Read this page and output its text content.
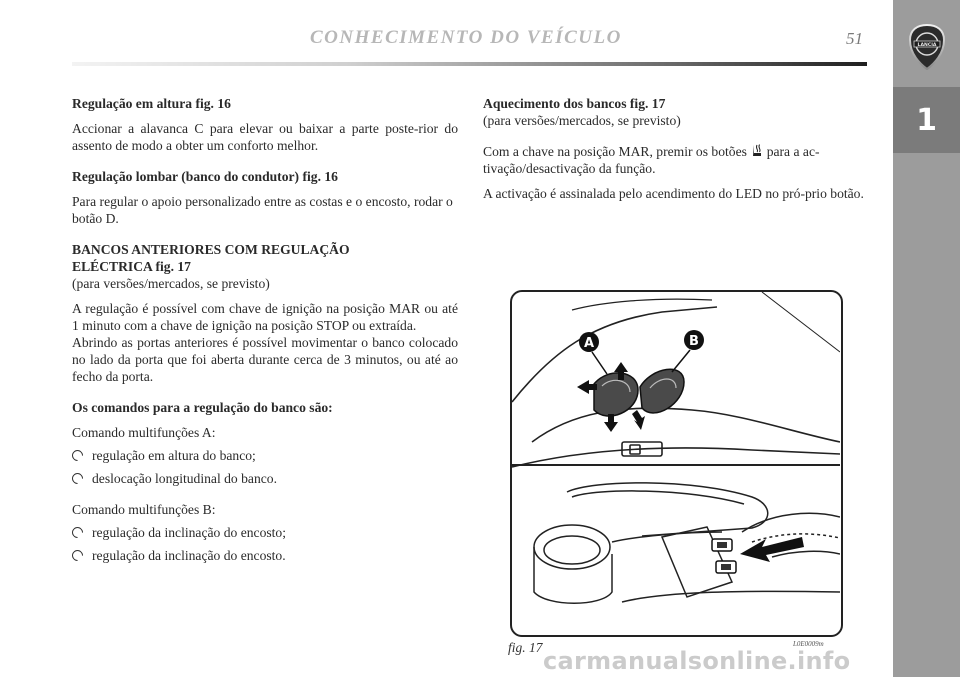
CONHECIMENTO DO VEÍCULO	51
1
LANCIA

Regulação em altura fig. 16

Accionar a alavanca C para elevar ou baixar a parte poste-rior do assento de modo a obter um conforto melhor.

Regulação lombar (banco do condutor) fig. 16

Para regular o apoio personalizado entre as costas e o encosto, rodar o botão D.

BANCOS ANTERIORES COM REGULAÇÃO

ELÉCTRICA fig. 17

(para versões/mercados, se previsto)

A regulação é possível com chave de ignição na posição MAR ou até 1 minuto com a chave de ignição na posição STOP ou extraída.

Abrindo as portas anteriores é possível movimentar o banco colocado no lado da porta que foi aberta durante cerca de 3 minutos, ou até ao fecho da porta.

Os comandos para a regulação do banco são:

Comando multifunções A:

regulação em altura do banco;

deslocação longitudinal do banco.

Comando multifunções B:

regulação da inclinação do encosto;

regulação da inclinação do encosto.

Aquecimento dos bancos fig. 17

(para versões/mercados, se previsto)

Com a chave na posição MAR, premir os botões para a ac-tivação/desactivação da função.

A activação é assinalada pelo acendimento do LED no pró-prio botão.

A	B
fig. 17	L0E0009m
carmanualsonline.info
